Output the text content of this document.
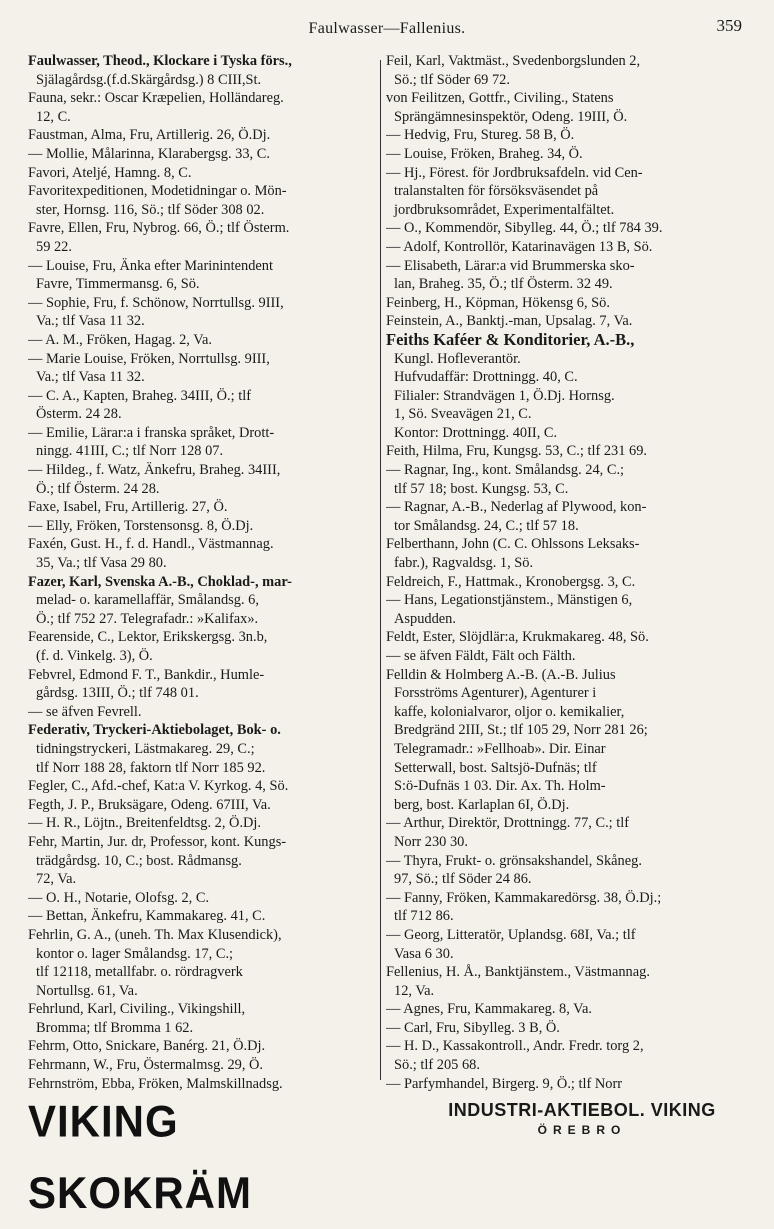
Faulwasser—Fallenius.	359
Faulwasser, Theod., Klockare i Tyska förs.,
Själagårdsg.(f.d.Skärgårdsg.) 8 CIII,St.
Fauna, sekr.: Oscar Kræpelien, Holländareg.
12, C.
Faustman, Alma, Fru, Artillerig. 26, Ö.Dj.
— Mollie, Målarinna, Klarabergsg. 33, C.
Favori, Ateljé, Hamng. 8, C.
Favoritexpeditionen, Modetidningar o. Mön-
ster, Hornsg. 116, Sö.; tlf Söder 308 02.
Favre, Ellen, Fru, Nybrog. 66, Ö.; tlf Österm.
59 22.
— Louise, Fru, Änka efter Marinintendent
Favre, Timmermansg. 6, Sö.
— Sophie, Fru, f. Schönow, Norrtullsg. 9III,
Va.; tlf Vasa 11 32.
— A. M., Fröken, Hagag. 2, Va.
— Marie Louise, Fröken, Norrtullsg. 9III,
Va.; tlf Vasa 11 32.
— C. A., Kapten, Braheg. 34III, Ö.; tlf
Österm. 24 28.
— Emilie, Lärar:a i franska språket, Drott-
ningg. 41III, C.; tlf Norr 128 07.
— Hildeg., f. Watz, Änkefru, Braheg. 34III,
Ö.; tlf Österm. 24 28.
Faxe, Isabel, Fru, Artillerig. 27, Ö.
— Elly, Fröken, Torstensonsg. 8, Ö.Dj.
Faxén, Gust. H., f. d. Handl., Västmannag.
35, Va.; tlf Vasa 29 80.
Fazer, Karl, Svenska A.-B., Choklad-, mar-
melad- o. karamellaffär, Smålandsg. 6,
Ö.; tlf 752 27. Telegrafadr.: »Kalifax».
Fearenside, C., Lektor, Erikskergsg. 3n.b,
(f. d. Vinkelg. 3), Ö.
Febvrel, Edmond F. T., Bankdir., Humle-
gårdsg. 13III, Ö.; tlf 748 01.
— se äfven Fevrell.
Federativ, Tryckeri-Aktiebolaget, Bok- o.
tidningstryckeri, Lästmakareg. 29, C.;
tlf Norr 188 28, faktorn tlf Norr 185 92.
Fegler, C., Afd.-chef, Kat:a V. Kyrkog. 4, Sö.
Fegth, J. P., Bruksägare, Odeng. 67III, Va.
— H. R., Löjtn., Breitenfeldtsg. 2, Ö.Dj.
Fehr, Martin, Jur. dr, Professor, kont. Kungs-
trädgårdsg. 10, C.; bost. Rådmansg.
72, Va.
— O. H., Notarie, Olofsg. 2, C.
— Bettan, Änkefru, Kammakareg. 41, C.
Fehrlin, G. A., (uneh. Th. Max Klusendick),
kontor o. lager Smålandsg. 17, C.;
tlf 12118, metallfabr. o. rördragverk
Nortullsg. 61, Va.
Fehrlund, Karl, Civiling., Vikingshill,
Bromma; tlf Bromma 1 62.
Fehrm, Otto, Snickare, Banérg. 21, Ö.Dj.
Fehrmann, W., Fru, Östermalmsg. 29, Ö.
Fehrnström, Ebba, Fröken, Malmskillnadsg.
Feil, Karl, Vaktmäst., Svedenborgslunden 2,
Sö.; tlf Söder 69 72.
von Feilitzen, Gottfr., Civiling., Statens
Sprängämnesinspektör, Odeng. 19III, Ö.
— Hedvig, Fru, Stureg. 58 B, Ö.
— Louise, Fröken, Braheg. 34, Ö.
— Hj., Förest. för Jordbruksafdeln. vid Cen-
tralanstalten för försöksväsendet på
jordbruksområdet, Experimentalfältet.
— O., Kommendör, Sibylleg. 44, Ö.; tlf 784 39.
— Adolf, Kontrollör, Katarinavägen 13 B, Sö.
— Elisabeth, Lärar:a vid Brummerska sko-
lan, Braheg. 35, Ö.; tlf Österm. 32 49.
Feinberg, H., Köpman, Hökensg 6, Sö.
Feinstein, A., Banktj.-man, Upsalag. 7, Va.
Feiths Kaféer & Konditorier, A.-B.,
Kungl. Hofleverantör.
Hufvudaffär: Drottningg. 40, C.
Filialer: Strandvägen 1, Ö.Dj. Hornsg.
1, Sö. Sveavägen 21, C.
Kontor: Drottningg. 40II, C.
Feith, Hilma, Fru, Kungsg. 53, C.; tlf 231 69.
— Ragnar, Ing., kont. Smålandsg. 24, C.;
tlf 57 18; bost. Kungsg. 53, C.
— Ragnar, A.-B., Nederlag af Plywood, kon-
tor Smålandsg. 24, C.; tlf 57 18.
Felberthann, John (C. C. Ohlssons Leksaks-
fabr.), Ragvaldsg. 1, Sö.
Feldreich, F., Hattmak., Kronobergsg. 3, C.
— Hans, Legationstjänstem., Mänstigen 6,
Aspudden.
Feldt, Ester, Slöjdlär:a, Krukmakareg. 48, Sö.
— se äfven Fäldt, Fält och Fälth.
Felldin & Holmberg A.-B. (A.-B. Julius
Forsströms Agenturer), Agenturer i
kaffe, kolonialvaror, oljor o. kemikalier,
Bredgränd 2III, St.; tlf 105 29, Norr 281 26;
Telegramadr.: »Fellhoab». Dir. Einar
Setterwall, bost. Saltsjö-Dufnäs; tlf
S:ö-Dufnäs 1 03. Dir. Ax. Th. Holm-
berg, bost. Karlaplan 6I, Ö.Dj.
— Arthur, Direktör, Drottningg. 77, C.; tlf
Norr 230 30.
— Thyra, Frukt- o. grönsakshandel, Skåneg.
97, Sö.; tlf Söder 24 86.
— Fanny, Fröken, Kammakaredörsg. 38, Ö.Dj.;
tlf 712 86.
— Georg, Litteratör, Uplandsg. 68I, Va.; tlf
Vasa 6 30.
Fellenius, H. Å., Banktjänstem., Västmannag.
12, Va.
— Agnes, Fru, Kammakareg. 8, Va.
— Carl, Fru, Sibylleg. 3 B, Ö.
— H. D., Kassakontroll., Andr. Fredr. torg 2,
Sö.; tlf 205 68.
— Parfymhandel, Birgerg. 9, Ö.; tlf Norr
VIKING SKOKRÄM
INDUSTRI-AKTIEBOL. VIKING
ÖREBRO
